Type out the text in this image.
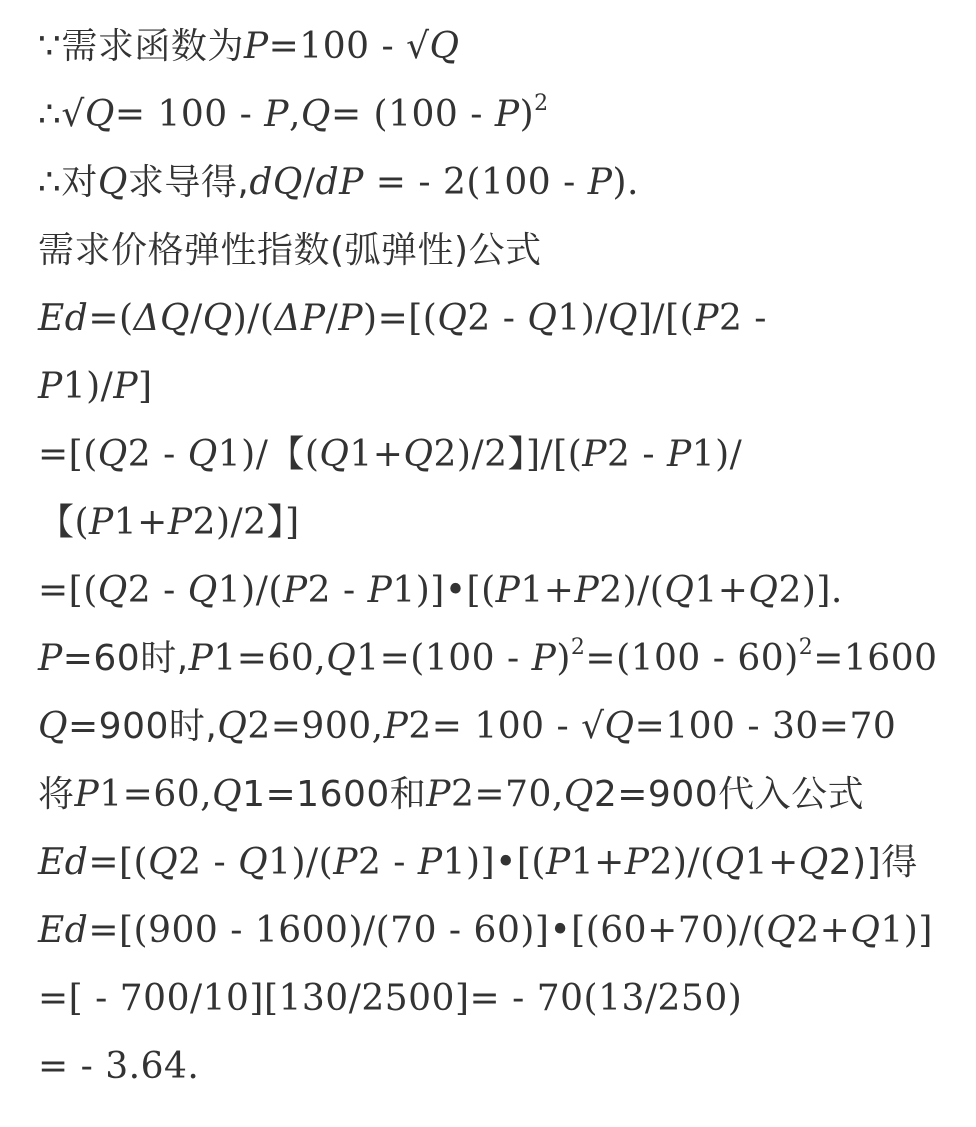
∵需求函数为P=100 - √Q
∴√Q= 100 - P,Q= (100 - P)$^2$
∴对Q求导得,dQ/dP = - 2(100 - P).
需求价格弹性指数(弧弹性)公式
Ed=(ΔQ/Q)/(ΔP/P)=[(Q2 - Q1)/Q]/[(P2 -
P1)/P]
=[(Q2 - Q1)/【(Q1+Q2)/2】]/[(P2 - P1)/
【(P1+P2)/2】]
=[(Q2 - Q1)/(P2 - P1)]•[(P1+P2)/(Q1+Q2)].
P=60时,P1=60,Q1=(100 - P)$^2$=(100 - 60)$^2$=1600
Q=900时,Q2=900,P2= 100 - √Q=100 - 30=70
将P1=60,Q1=1600和P2=70,Q2=900代入公式
Ed=[(Q2 - Q1)/(P2 - P1)]•[(P1+P2)/(Q1+Q2)]得
Ed=[(900 - 1600)/(70 - 60)]•[(60+70)/(Q2+Q1)]
=[ - 700/10][130/2500]= - 70(13/250)
= - 3.64.
